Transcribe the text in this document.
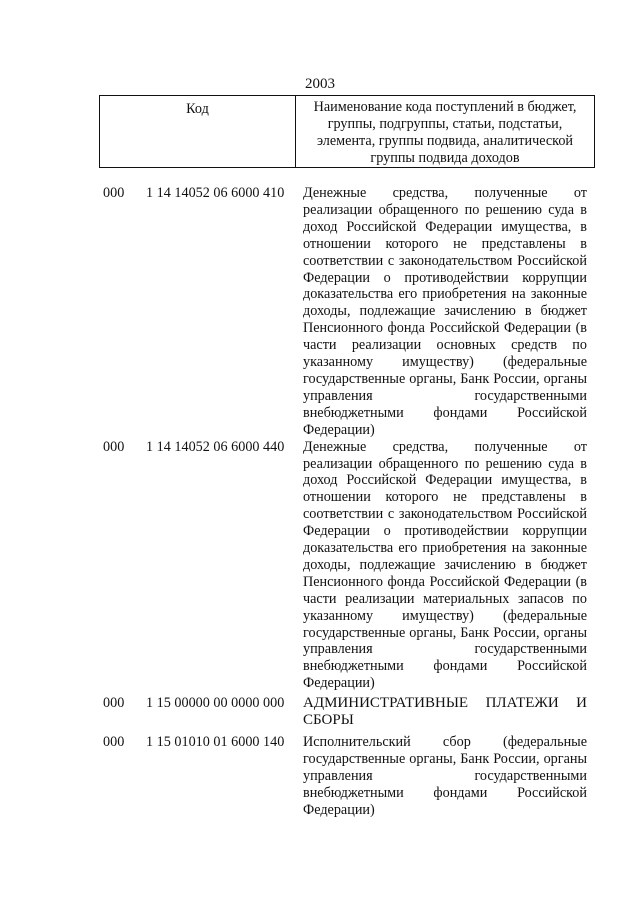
2003
Код	Наименование кода поступлений в бюджет, группы, подгруппы, статьи, подстатьи, элемента, группы подвида, аналитической группы подвида доходов
000	1 14 14052 06 6000 410	Денежные средства, полученные от реализации обращенного по решению суда в доход Российской Федерации имущества, в отношении которого не представлены в соответствии с законодательством Российской Федерации о противодействии коррупции доказательства его приобретения на законные доходы, подлежащие зачислению в бюджет Пенсионного фонда Российской Федерации (в части реализации основных средств по указанному имуществу) (федеральные государственные органы, Банк России, органы управления государственными внебюджетными фондами Российской Федерации)
000	1 14 14052 06 6000 440	Денежные средства, полученные от реализации обращенного по решению суда в доход Российской Федерации имущества, в отношении которого не представлены в соответствии с законодательством Российской Федерации о противодействии коррупции доказательства его приобретения на законные доходы, подлежащие зачислению в бюджет Пенсионного фонда Российской Федерации (в части реализации материальных запасов по указанному имуществу) (федеральные государственные органы, Банк России, органы управления государственными внебюджетными фондами Российской Федерации)
000	1 15 00000 00 0000 000	АДМИНИСТРАТИВНЫЕ ПЛАТЕЖИ И СБОРЫ
000	1 15 01010 01 6000 140	Исполнительский сбор (федеральные государственные органы, Банк России, органы управления государственными внебюджетными фондами Российской Федерации)
